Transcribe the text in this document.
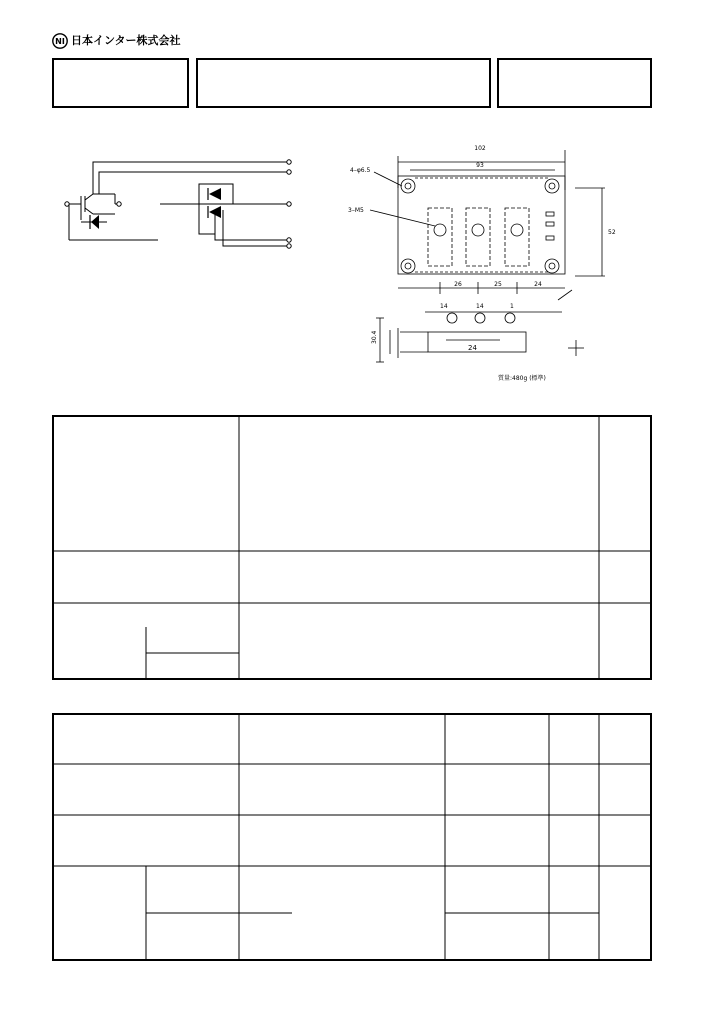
NI 日本インター株式会社
102
93
4–φ6.5
3–M5
52
26	25	24
30.4
24
14	14	1
質量:480g (標準)
